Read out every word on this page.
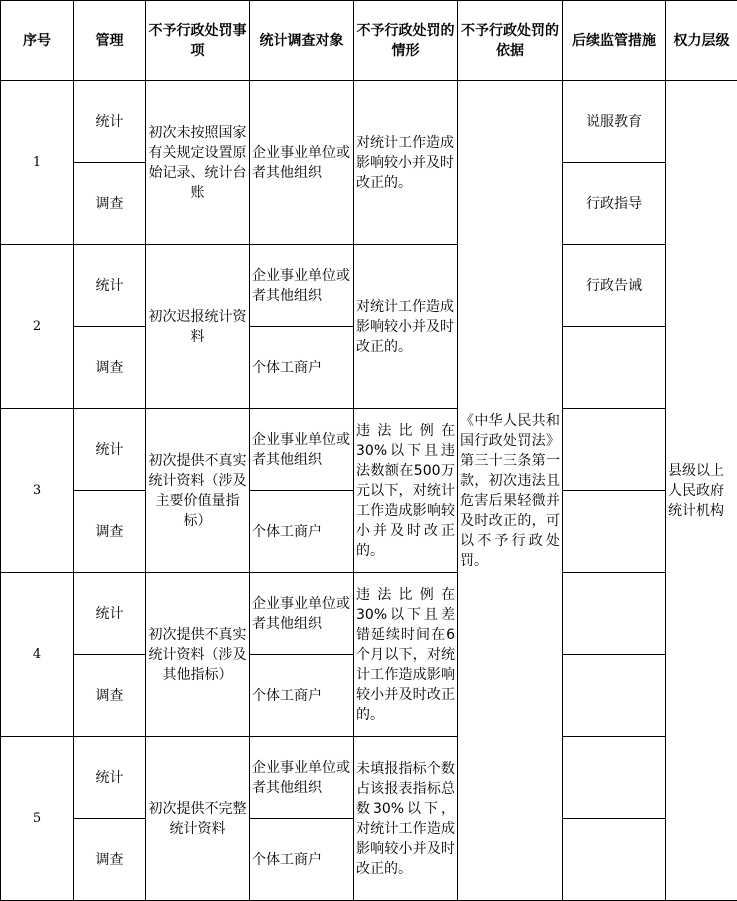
序号	管理	不予行政处罚事项	统计调查对象	不予行政处罚的情形	不予行政处罚的依据	后续监管措施	权力层级
1	统计	初次未按照国家有关规定设置原始记录、统计台账	企业事业单位或者其他组织	对统计工作造成影响较小并及时改正的。	《中华人民共和国行政处罚法》第三十三条第一款，初次违法且危害后果轻微并及时改正的，可以不予行政处罚。	说服教育	县级以上人民政府统计机构
	调查					行政指导	
2	统计	初次迟报统计资料	企业事业单位或者其他组织	对统计工作造成影响较小并及时改正的。		行政告诫	
	调查		个体工商户				
3	统计	初次提供不真实统计资料（涉及主要价值量指标）	企业事业单位或者其他组织	违法比例在30%以下且违法数额在500万元以下，对统计工作造成影响较小并及时改正的。			
	调查		个体工商户				
4	统计	初次提供不真实统计资料（涉及其他指标）	企业事业单位或者其他组织	违法比例在30%以下且差错延续时间在6个月以下，对统计工作造成影响较小并及时改正的。			
	调查		个体工商户				
5	统计	初次提供不完整统计资料	企业事业单位或者其他组织	未填报指标个数占该报表指标总数30%以下，对统计工作造成影响较小并及时改正的。			
	调查		个体工商户				
